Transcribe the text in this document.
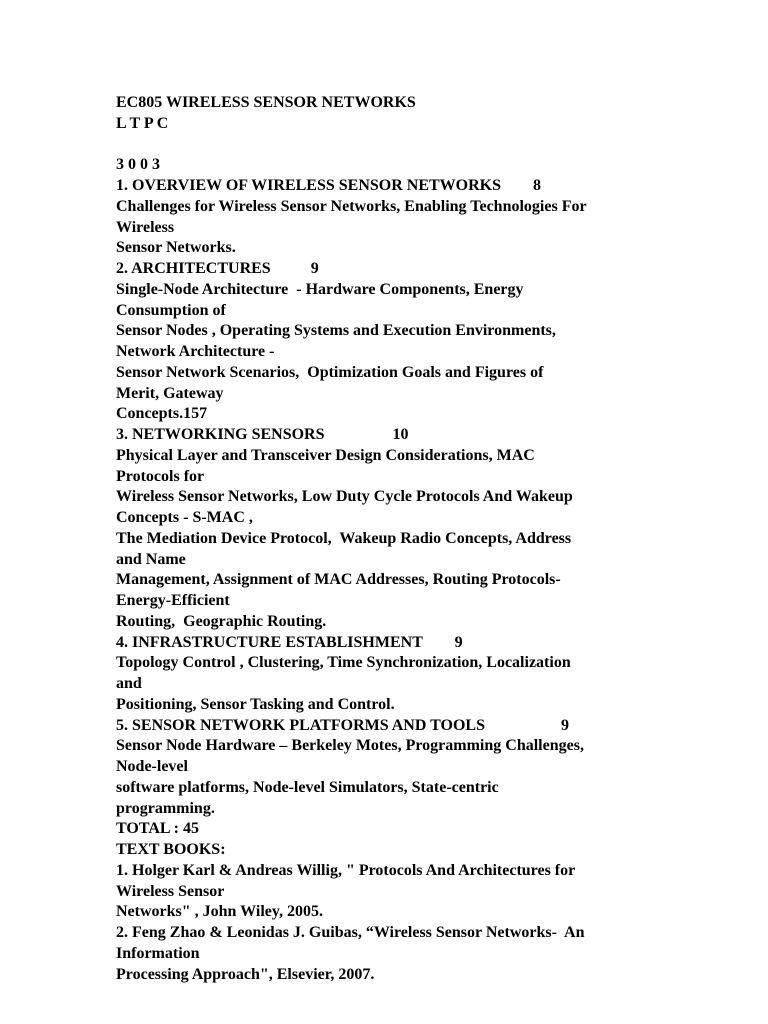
EC805 WIRELESS SENSOR NETWORKS
L T P C
3 0 0 3
1. OVERVIEW OF WIRELESS SENSOR NETWORKS        8
Challenges for Wireless Sensor Networks, Enabling Technologies For
Wireless
Sensor Networks.
2. ARCHITECTURES          9
Single-Node Architecture  - Hardware Components, Energy
Consumption of
Sensor Nodes , Operating Systems and Execution Environments,
Network Architecture -
Sensor Network Scenarios,  Optimization Goals and Figures of
Merit, Gateway
Concepts.157
3. NETWORKING SENSORS                 10
Physical Layer and Transceiver Design Considerations, MAC
Protocols for
Wireless Sensor Networks, Low Duty Cycle Protocols And Wakeup
Concepts - S-MAC ,
The Mediation Device Protocol,  Wakeup Radio Concepts, Address
and Name
Management, Assignment of MAC Addresses, Routing Protocols-
Energy-Efficient
Routing,  Geographic Routing.
4. INFRASTRUCTURE ESTABLISHMENT        9
Topology Control , Clustering, Time Synchronization, Localization
and
Positioning, Sensor Tasking and Control.
5. SENSOR NETWORK PLATFORMS AND TOOLS                   9
Sensor Node Hardware – Berkeley Motes, Programming Challenges,
Node-level
software platforms, Node-level Simulators, State-centric
programming.
TOTAL : 45
TEXT BOOKS:
1. Holger Karl & Andreas Willig, " Protocols And Architectures for
Wireless Sensor
Networks" , John Wiley, 2005.
2. Feng Zhao & Leonidas J. Guibas, “Wireless Sensor Networks-  An
Information
Processing Approach", Elsevier, 2007.
